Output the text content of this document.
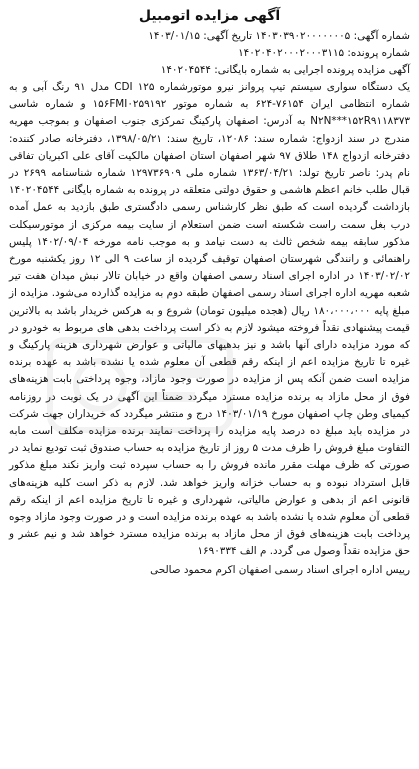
آگهی مزایده اتومبیل
شماره آگهی: ۱۴۰۳۰۳۹۰۲۰۰۰۰۰۰۰۵ تاریخ آگهی: ۱۴۰۳/۰۱/۱۵
شماره پرونده: ۱۴۰۲۰۴۰۲۰۰۰۲۰۰۰۳۱۱۵
آگهی مزایده پرونده اجرایی به شماره بایگانی: ۱۴۰۲۰۴۵۴۴

یک دستگاه سواری سیستم تیپ پروانز نیرو موتورشماره ۱۲۵ CDI مدل ۹۱ رنگ آبی و به شماره انتظامی ایران ۷۶۱۵۴-۶۲۴ به شماره موتور ۱۵۶FMI۰۲۵۹۱۹۲ و شماره شاسی N۲N***۱۵۲R۹۱۱۸۳۷۳ به آدرس: اصفهان پارکینگ تمرکزی جنوب اصفهان و بموجب مهریه مندرج در سند ازدواج: شماره سند: ۱۲۰۸۶، تاریخ سند: ۱۳۹۸/۰۵/۲۱، دفترخانه صادر کننده: دفترخانه ازدواج ۱۴۸ طلاق ۹۷ شهر اصفهان استان اصفهان مالکیت آقای علی اکبریان تفاقی نام پدر: ناصر تاریخ تولد: ۱۳۶۳/۰۴/۲۱ شماره ملی ۱۲۹۷۳۶۹۰۹ شماره شناسنامه ۲۶۹۹ در قبال طلب خانم اعظم هاشمی و حقوق دولتی متعلقه در پرونده به شماره بایگانی ۱۴۰۲۰۴۵۴۴ بازداشت گردیده است که طبق نظر کارشناس رسمی دادگستری طبق بازدید به عمل آمده درب بغل سمت راست شکسته است ضمن استعلام از سایت بیمه مرکزی از موتورسیکلت مذکور سابقه بیمه شخص ثالث به دست نیامد و به موجب نامه مورخه ۱۴۰۲/۰۹/۰۴ پلیس راهنمائی و رانندگی شهرستان اصفهان توقیف گردیده از ساعت ۹ الی ۱۲ روز یکشنبه مورخ ۱۴۰۳/۰۲/۰۲ در اداره اجرای اسناد رسمی اصفهان واقع در خیابان تالار نبش میدان هفت تیر شعبه مهریه اداره اجرای اسناد رسمی اصفهان طبقه دوم به مزایده گذارده می‌شود. مزایده از مبلغ پایه ۱۸۰،۰۰۰،۰۰۰ ریال (هجده میلیون تومان) شروع و به هرکس خریدار باشد به بالاترین قیمت پیشنهادی نقداً فروخته میشود لازم به ذکر است پرداخت بدهی های مربوط به خودرو در که مورد مزایده دارای آنها باشد و نیز بدهیهای مالیاتی و عوارض شهرداری هزینه پارکینگ و غیره تا تاریخ مزایده اعم از اینکه رقم قطعی آن معلوم شده یا نشده باشد به عهده برنده مزایده است ضمن آنکه پس از مزایده در صورت وجود مازاد، وجوه پرداختی بابت هزینه‌های فوق از محل مازاد به برنده مزایده مسترد میگردد ضمناً این آگهی در یک نوبت در روزنامه کیمیای وطن چاپ اصفهان مورخ ۱۴۰۳/۰۱/۱۹ درج و منتشر میگردد که خریداران جهت شرکت در مزایده باید مبلغ ده درصد پایه مزایده را پرداخت نمایند برنده مزایده مکلف است مابه التفاوت مبلغ فروش را ظرف مدت ۵ روز از تاریخ مزایده به حساب صندوق ثبت تودیع نماید در صورتی که ظرف مهلت مقرر مانده فروش را به حساب سپرده ثبت واریز نکند مبلغ مذکور قابل استرداد نبوده و به حساب خزانه واریز خواهد شد. لازم به ذکر است کلیه هزینه‌های قانونی اعم از بدهی و عوارض مالیاتی، شهرداری و غیره تا تاریخ مزایده اعم از اینکه رقم قطعی آن معلوم شده یا نشده باشد به عهده برنده مزایده است و در صورت وجود مازاد وجوه پرداخت بابت هزینه‌های فوق از محل مازاد به برنده مزایده مسترد خواهد شد و نیم عشر و حق مزایده نقداً وصول می گردد. م الف ۱۶۹۰۳۳۴

رییس اداره اجرای اسناد رسمی اصفهان اکرم محمود صالحی
